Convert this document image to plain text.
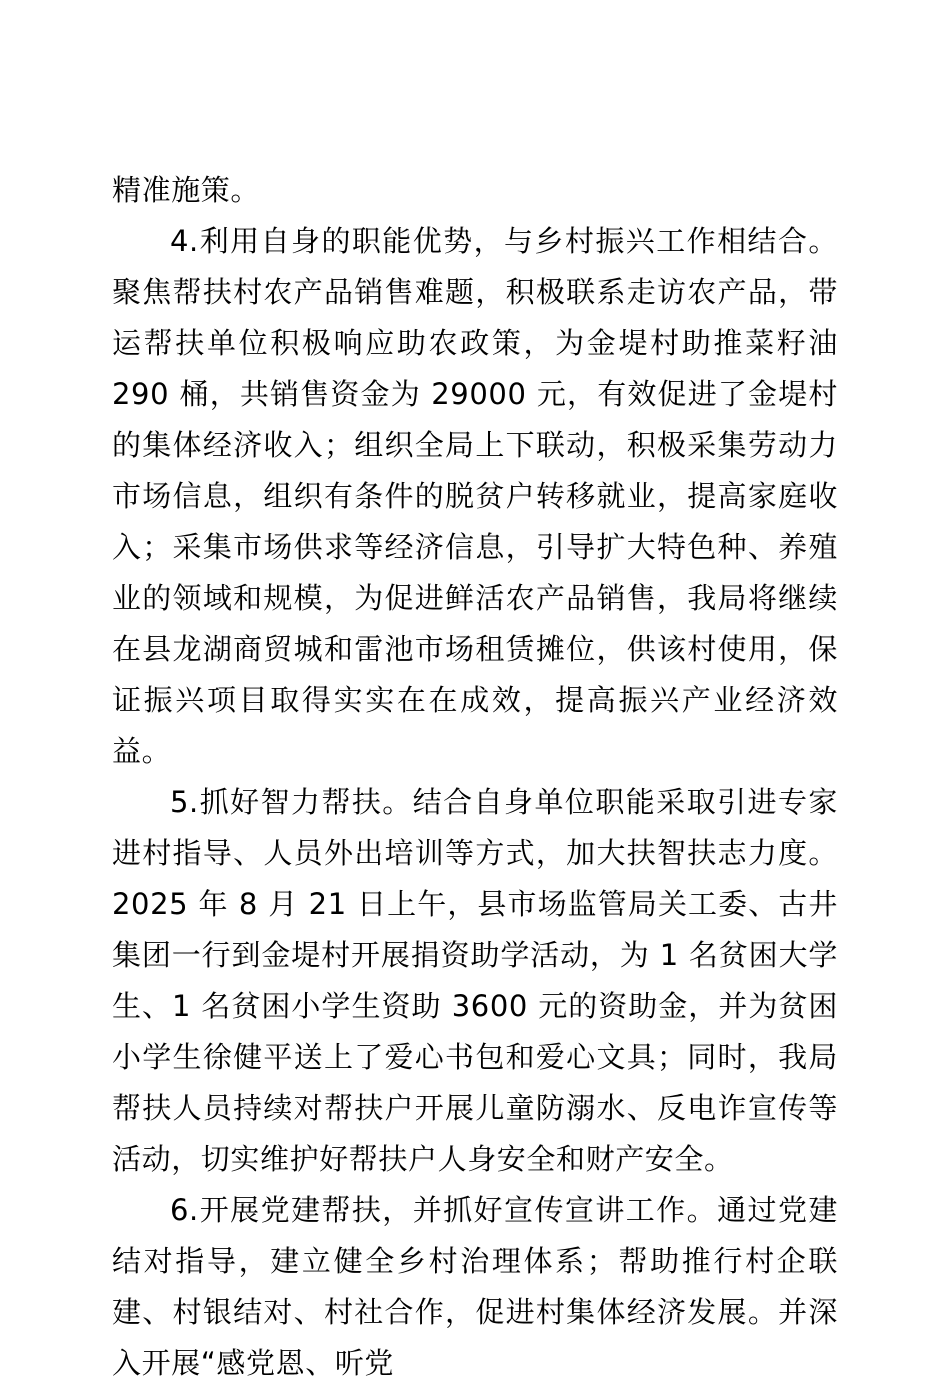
精准施策。

4.利用自身的职能优势，与乡村振兴工作相结合。聚焦帮扶村农产品销售难题，积极联系走访农产品，带运帮扶单位积极响应助农政策，为金堤村助推菜籽油 290 桶，共销售资金为 29000 元，有效促进了金堤村的集体经济收入；组织全局上下联动，积极采集劳动力市场信息，组织有条件的脱贫户转移就业，提高家庭收入；采集市场供求等经济信息，引导扩大特色种、养殖业的领域和规模，为促进鲜活农产品销售，我局将继续在县龙湖商贸城和雷池市场租赁摊位，供该村使用，保证振兴项目取得实实在在成效，提高振兴产业经济效益。

5.抓好智力帮扶。结合自身单位职能采取引进专家进村指导、人员外出培训等方式，加大扶智扶志力度。2025 年 8 月 21 日上午，县市场监管局关工委、古井集团一行到金堤村开展捐资助学活动，为 1 名贫困大学生、1 名贫困小学生资助 3600 元的资助金，并为贫困小学生徐健平送上了爱心书包和爱心文具；同时，我局帮扶人员持续对帮扶户开展儿童防溺水、反电诈宣传等活动，切实维护好帮扶户人身安全和财产安全。

6.开展党建帮扶，并抓好宣传宣讲工作。通过党建结对指导，建立健全乡村治理体系；帮助推行村企联建、村银结对、村社合作，促进村集体经济发展。并深入开展“感党恩、听党
